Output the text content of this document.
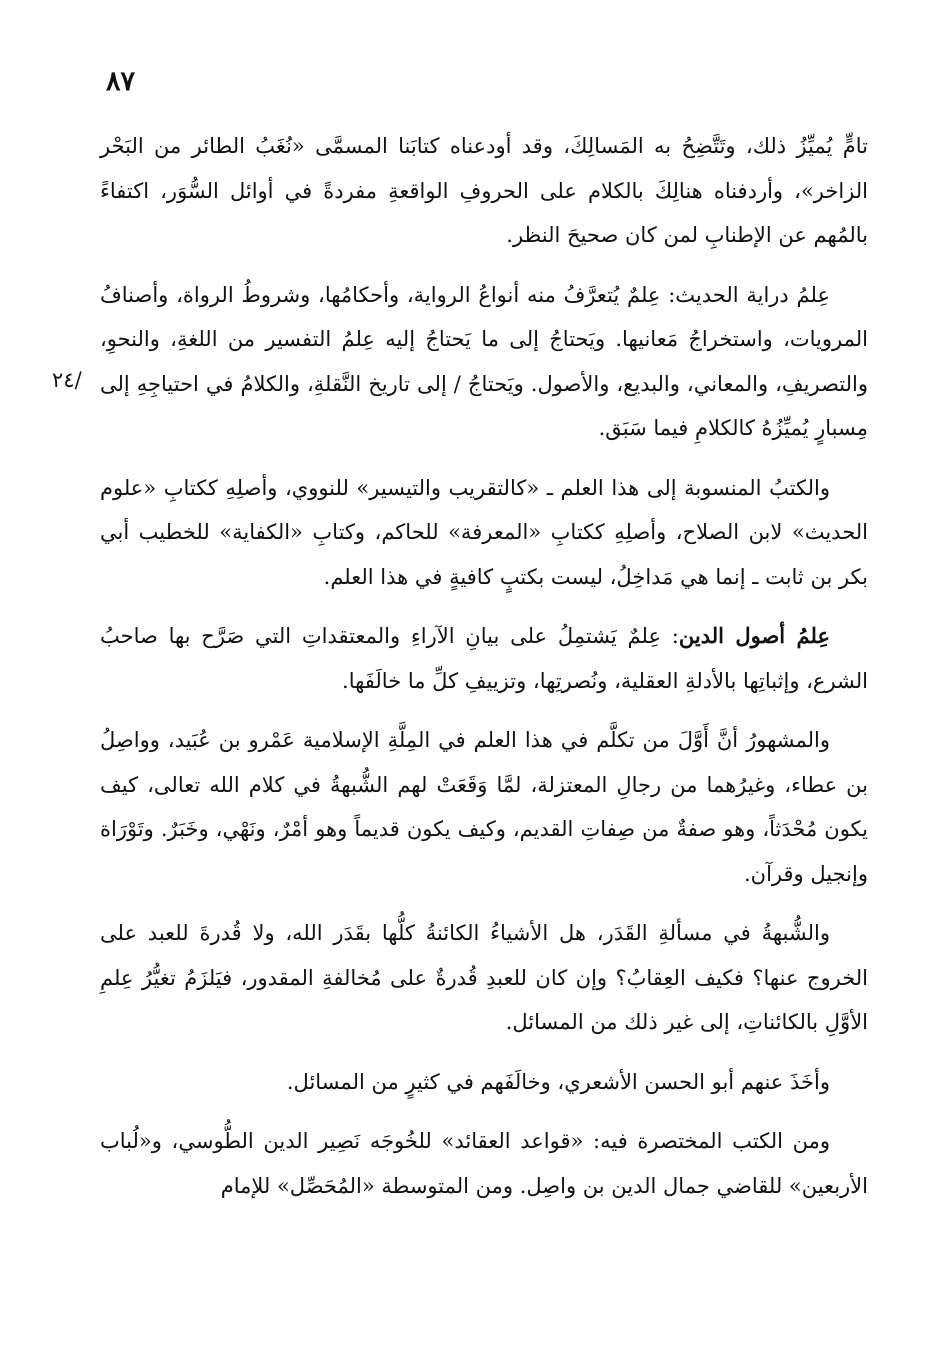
٨٧
٢٤/

تامٍّ يُميِّزُ ذلك، وتَتَّضِحُ به المَسالِكَ، وقد أودعناه كتابَنا المسمَّى «نُغَبُ الطائر من البَحْر الزاخر»، وأردفناه هنالِكَ بالكلام على الحروفِ الواقعةِ مفردةً في أوائل السُّوَر، اكتفاءً بالمُهم عن الإطنابِ لمن كان صحيحَ النظر.

عِلمُ دراية الحديث: عِلمٌ يُتعرَّفُ منه أنواعُ الرواية، وأحكامُها، وشروطُ الرواة، وأصنافُ المرويات، واستخراجُ مَعانيها. ويَحتاجُ إلى ما يَحتاجُ إليه عِلمُ التفسير من اللغةِ، والنحوِ، والتصريفِ، والمعاني، والبديع، والأصول. ويَحتاجُ / إلى تاريخ النَّقلةِ، والكلامُ في احتياجِهِ إلى مِسبارٍ يُميِّزُهُ كالكلامِ فيما سَبَق.

والكتبُ المنسوبة إلى هذا العلم ـ «كالتقريب والتيسير» للنووي، وأصلِهِ ككتابِ «علوم الحديث» لابن الصلاح، وأصلِهِ ككتابِ «المعرفة» للحاكم، وكتابِ «الكفاية» للخطيب أبي بكر بن ثابت ـ إنما هي مَداخِلُ، ليست بكتبٍ كافيةٍ في هذا العلم.

عِلمُ أصول الدين: عِلمٌ يَشتمِلُ على بيانِ الآراءِ والمعتقداتِ التي صَرَّح بها صاحبُ الشرع، وإثباتِها بالأدلةِ العقلية، ونُصرتِها، وتزييفِ كلِّ ما خالَفَها.

والمشهورُ أنَّ أَوَّلَ من تكلَّم في هذا العلم في المِلَّةِ الإسلامية عَمْرو بن عُبَيد، وواصِلُ بن عطاء، وغيرُهما من رجالِ المعتزلة، لمَّا وَقَعَتْ لهم الشُّبهةُ في كلام الله تعالى، كيف يكون مُحْدَثاً، وهو صفةٌ من صِفاتِ القديم، وكيف يكون قديماً وهو أمْرٌ، ونَهْي، وخَبَرٌ. وتَوْرَاة وإنجيل وقرآن.

والشُّبهةُ في مسألةِ القَدَر، هل الأشياءُ الكائنةُ كلُّها بقَدَر الله، ولا قُدرةَ للعبد على الخروج عنها؟ فكيف العِقابُ؟ وإن كان للعبدِ قُدرةٌ على مُخالفةِ المقدور، فيَلزَمُ تغيُّرُ عِلمِ الأوَّلِ بالكائناتِ، إلى غير ذلك من المسائل.

وأخَذَ عنهم أبو الحسن الأشعري، وخالَفَهم في كثيرٍ من المسائل.

ومن الكتب المختصرة فيه: «قواعد العقائد» للخُوجَه نَصِير الدين الطُّوسي، و«لُباب الأربعين» للقاضي جمال الدين بن واصِل. ومن المتوسطة «المُحَصِّل» للإمام
